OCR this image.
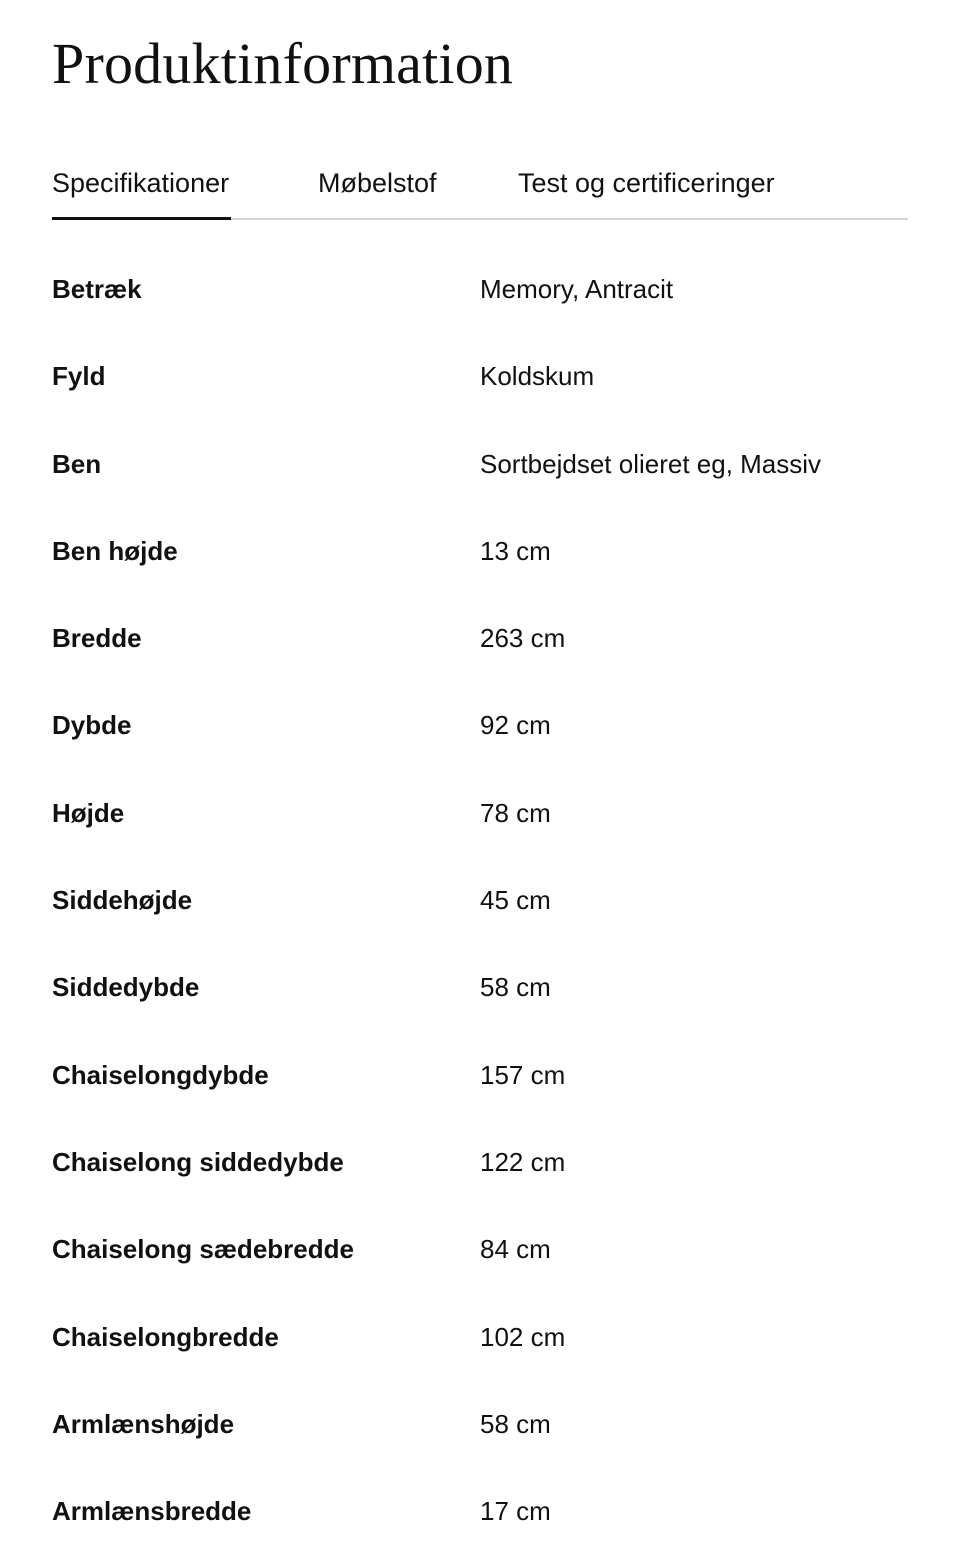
Produktinformation
Specifikationer	Møbelstof	Test og certificeringer
Betræk	Memory, Antracit
Fyld	Koldskum
Ben	Sortbejdset olieret eg, Massiv
Ben højde	13 cm
Bredde	263 cm
Dybde	92 cm
Højde	78 cm
Siddehøjde	45 cm
Siddedybde	58 cm
Chaiselongdybde	157 cm
Chaiselong siddedybde	122 cm
Chaiselong sædebredde	84 cm
Chaiselongbredde	102 cm
Armlænshøjde	58 cm
Armlænsbredde	17 cm
